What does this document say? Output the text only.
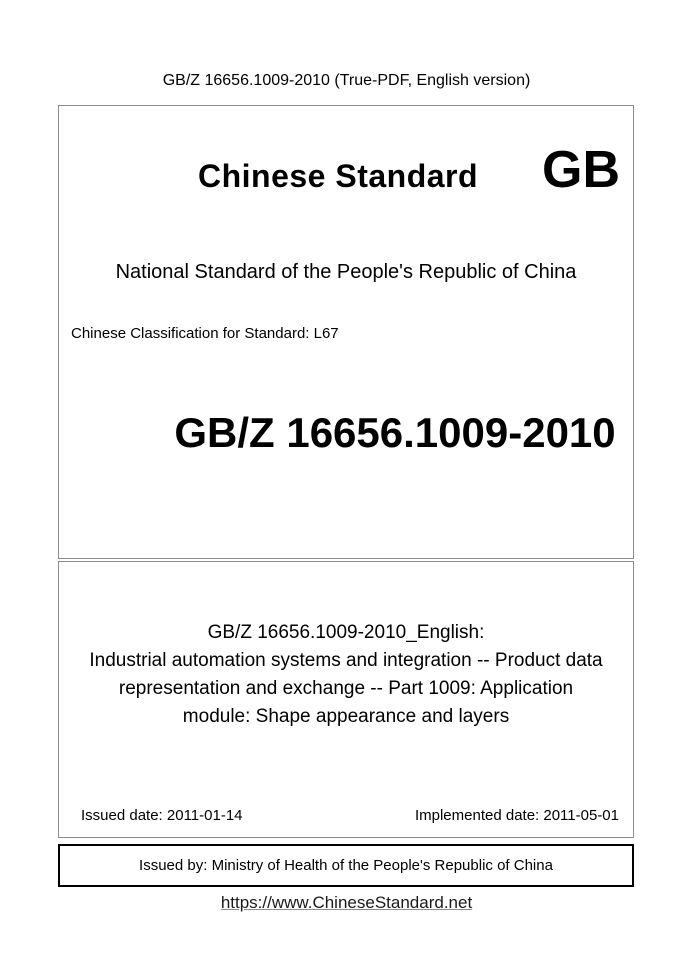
GB/Z 16656.1009-2010 (True-PDF, English version)
Chinese Standard	GB
National Standard of the People's Republic of China
Chinese Classification for Standard: L67
GB/Z 16656.1009-2010
GB/Z 16656.1009-2010_English:
Industrial automation systems and integration -- Product data
representation and exchange -- Part 1009: Application
module: Shape appearance and layers
Issued date: 2011-01-14	Implemented date: 2011-05-01
Issued by: Ministry of Health of the People's Republic of China
https://www.ChineseStandard.net
